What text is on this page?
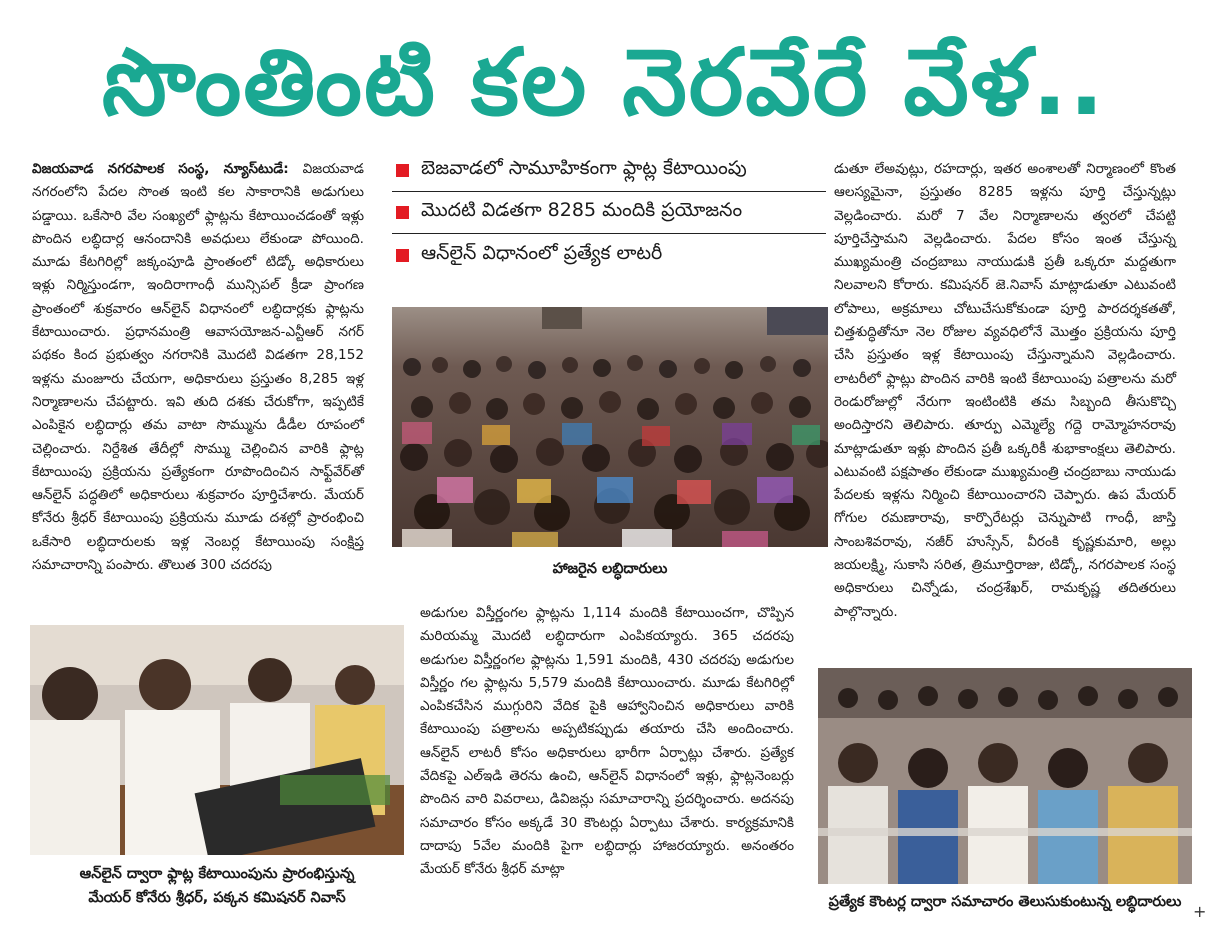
సొంతింటి కల నెరవేరే వేళ..

విజయవాడ నగరపాలక సంస్థ, న్యూస్‌టుడే: విజయవాడ నగరంలోని పేదల సొంత ఇంటి కల సాకారానికి అడుగులు పడ్డాయి. ఒకేసారి వేల సంఖ్యలో ఫ్లాట్లను కేటాయించడంతో ఇళ్లు పొందిన లబ్ధిదార్ల ఆనందానికి అవధులు లేకుండా పోయింది. మూడు కేటగిరిల్లో జక్కంపూడి ప్రాంతంలో టిడ్కో అధికారులు ఇళ్లు నిర్మిస్తుండగా, ఇందిరాగాంధీ మున్సిపల్ క్రీడా ప్రాంగణ ప్రాంతంలో శుక్రవారం ఆన్‌లైన్ విధానంలో లబ్ధిదార్లకు ఫ్లాట్లను కేటాయించారు. ప్రధానమంత్రి ఆవాసయోజన-ఎన్టీఆర్ నగర్ పథకం కింద ప్రభుత్వం నగరానికి మొదటి విడతగా 28,152 ఇళ్లను మంజూరు చేయగా, అధికారులు ప్రస్తుతం 8,285 ఇళ్ల నిర్మాణాలను చేపట్టారు. ఇవి తుది దశకు చేరుకోగా, ఇప్పటికే ఎంపికైన లబ్ధిదార్లు తమ వాటా సొమ్మును డీడీల రూపంలో చెల్లించారు. నిర్దేశిత తేదీల్లో సొమ్ము చెల్లించిన వారికి ఫ్లాట్ల కేటాయింపు ప్రక్రియను ప్రత్యేకంగా రూపొందించిన సాఫ్ట్‌వేర్‌తో ఆన్‌లైన్ పద్ధతిలో అధికారులు శుక్రవారం పూర్తిచేశారు. మేయర్ కోనేరు శ్రీధర్ కేటాయింపు ప్రక్రియను మూడు దశల్లో ప్రారంభించి ఒకేసారి లబ్ధిదారులకు ఇళ్ల నెంబర్ల కేటాయింపు సంక్షిప్త సమాచారాన్ని పంపారు. తొలుత 300 చదరపు

బెజవాడలో సామూహికంగా ఫ్లాట్ల కేటాయింపు
మొదటి విడతగా 8285 మందికి ప్రయోజనం
ఆన్‌లైన్ విధానంలో ప్రత్యేక లాటరీ
హాజరైన లబ్ధిదారులు

అడుగుల విస్తీర్ణంగల ఫ్లాట్లను 1,114 మందికి కేటాయించగా, చొప్పిన మరియమ్మ మొదటి లబ్ధిదారుగా ఎంపికయ్యారు. 365 చదరపు అడుగుల విస్తీర్ణంగల ఫ్లాట్లను 1,591 మందికి, 430 చదరపు అడుగుల విస్తీర్ణం గల ఫ్లాట్లను 5,579 మందికి కేటాయించారు. మూడు కేటగిరిల్లో ఎంపికచేసిన ముగ్గురిని వేదిక పైకి ఆహ్వానించిన అధికారులు వారికి కేటాయింపు పత్రాలను అప్పటికప్పుడు తయారు చేసి అందించారు. ఆన్‌లైన్ లాటరీ కోసం అధికారులు భారీగా ఏర్పాట్లు చేశారు. ప్రత్యేక వేదికపై ఎల్ఇడి తెరను ఉంచి, ఆన్‌లైన్ విధానంలో ఇళ్లు, ఫ్లాట్లనెంబర్లు పొందిన వారి వివరాలు, డివిజన్లు సమాచారాన్ని ప్రదర్శించారు. అదనపు సమాచారం కోసం అక్కడే 30 కౌంటర్లు ఏర్పాటు చేశారు. కార్యక్రమానికి దాదాపు 5వేల మందికి పైగా లబ్ధిదార్లు హాజరయ్యారు. అనంతరం మేయర్ కోనేరు శ్రీధర్ మాట్లా

డుతూ లేఅవుట్లు, రహదార్లు, ఇతర అంశాలతో నిర్మాణంలో కొంత ఆలస్యమైనా, ప్రస్తుతం 8285 ఇళ్లను పూర్తి చేస్తున్నట్లు వెల్లడించారు. మరో 7 వేల నిర్మాణాలను త్వరలో చేపట్టి పూర్తిచేస్తామని వెల్లడించారు. పేదల కోసం ఇంత చేస్తున్న ముఖ్యమంత్రి చంద్రబాబు నాయుడుకి ప్రతీ ఒక్కరూ మద్దతుగా నిలవాలని కోరారు. కమిషనర్ జె.నివాస్ మాట్లాడుతూ ఎటువంటి లోపాలు, అక్రమాలు చోటుచేసుకోకుండా పూర్తి పారదర్శకతతో, చిత్తశుద్ధితోనూ నెల రోజుల వ్యవధిలోనే మొత్తం ప్రక్రియను పూర్తి చేసి ప్రస్తుతం ఇళ్ల కేటాయింపు చేస్తున్నామని వెల్లడించారు. లాటరీలో ఫ్లాట్లు పొందిన వారికి ఇంటి కేటాయింపు పత్రాలను మరో రెండురోజుల్లో నేరుగా ఇంటింటికి తమ సిబ్బంది తీసుకొచ్చి అందిస్తారని తెలిపారు. తూర్పు ఎమ్మెల్యే గద్దె రామ్మోహనరావు మాట్లాడుతూ ఇళ్లు పొందిన ప్రతీ ఒక్కరికీ శుభాకాంక్షలు తెలిపారు. ఎటువంటి పక్షపాతం లేకుండా ముఖ్యమంత్రి చంద్రబాబు నాయుడు పేదలకు ఇళ్లను నిర్మించి కేటాయించారని చెప్పారు. ఉప మేయర్ గోగుల రమణారావు, కార్పొరేటర్లు చెన్నుపాటి గాంధీ, జాస్తి సాంబశివరావు, నజీర్ హుస్సేన్, వీరంకి కృష్ణకుమారి, అల్లు జయలక్ష్మి, సుకాసి సరిత, త్రిమూర్తిరాజు, టిడ్కో, నగరపాలక సంస్థ అధికారులు చిన్నోడు, చంద్రశేఖర్, రామకృష్ణ తదితరులు పాల్గొన్నారు.

ఆన్‌లైన్ ద్వారా ఫ్లాట్ల కేటాయింపును ప్రారంభిస్తున్న
మేయర్ కోనేరు శ్రీధర్, పక్కన కమిషనర్ నివాస్	ప్రత్యేక కౌంటర్ల ద్వారా సమాచారం తెలుసుకుంటున్న లబ్ధిదారులు +
